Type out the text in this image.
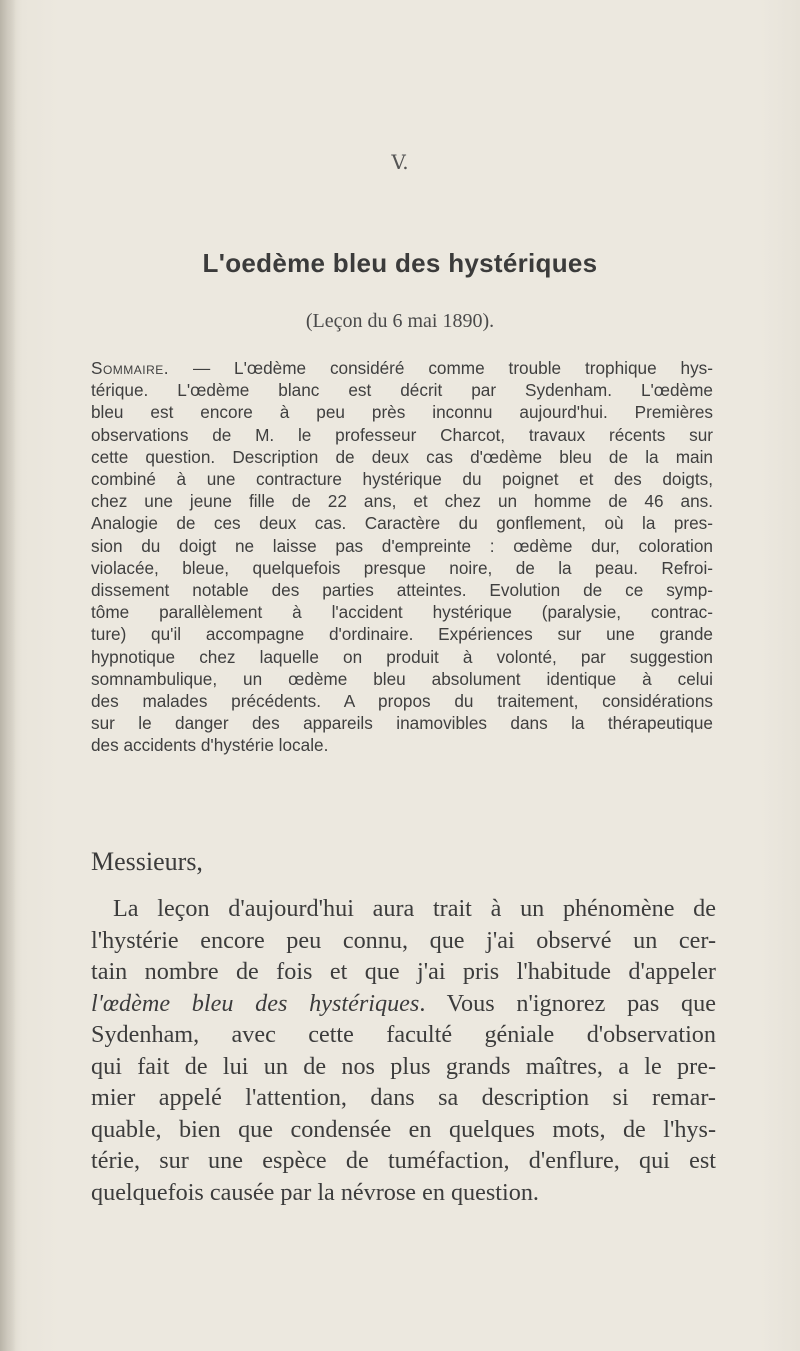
V.
L'oedème bleu des hystériques
(Leçon du 6 mai 1890).
Sommaire. — L'œdème considéré comme trouble trophique hys-
térique. L'œdème blanc est décrit par Sydenham. L'œdème
bleu est encore à peu près inconnu aujourd'hui. Premières
observations de M. le professeur Charcot, travaux récents sur
cette question. Description de deux cas d'œdème bleu de la main
combiné à une contracture hystérique du poignet et des doigts,
chez une jeune fille de 22 ans, et chez un homme de 46 ans.
Analogie de ces deux cas. Caractère du gonflement, où la pres-
sion du doigt ne laisse pas d'empreinte : œdème dur, coloration
violacée, bleue, quelquefois presque noire, de la peau. Refroi-
dissement notable des parties atteintes. Evolution de ce symp-
tôme parallèlement à l'accident hystérique (paralysie, contrac-
ture) qu'il accompagne d'ordinaire. Expériences sur une grande
hypnotique chez laquelle on produit à volonté, par suggestion
somnambulique, un œdème bleu absolument identique à celui
des malades précédents. A propos du traitement, considérations
sur le danger des appareils inamovibles dans la thérapeutique
des accidents d'hystérie locale.
Messieurs,
La leçon d'aujourd'hui aura trait à un phénomène de
l'hystérie encore peu connu, que j'ai observé un cer-
tain nombre de fois et que j'ai pris l'habitude d'appeler
l'œdème bleu des hystériques. Vous n'ignorez pas que
Sydenham, avec cette faculté géniale d'observation
qui fait de lui un de nos plus grands maîtres, a le pre-
mier appelé l'attention, dans sa description si remar-
quable, bien que condensée en quelques mots, de l'hys-
térie, sur une espèce de tuméfaction, d'enflure, qui est
quelquefois causée par la névrose en question.
